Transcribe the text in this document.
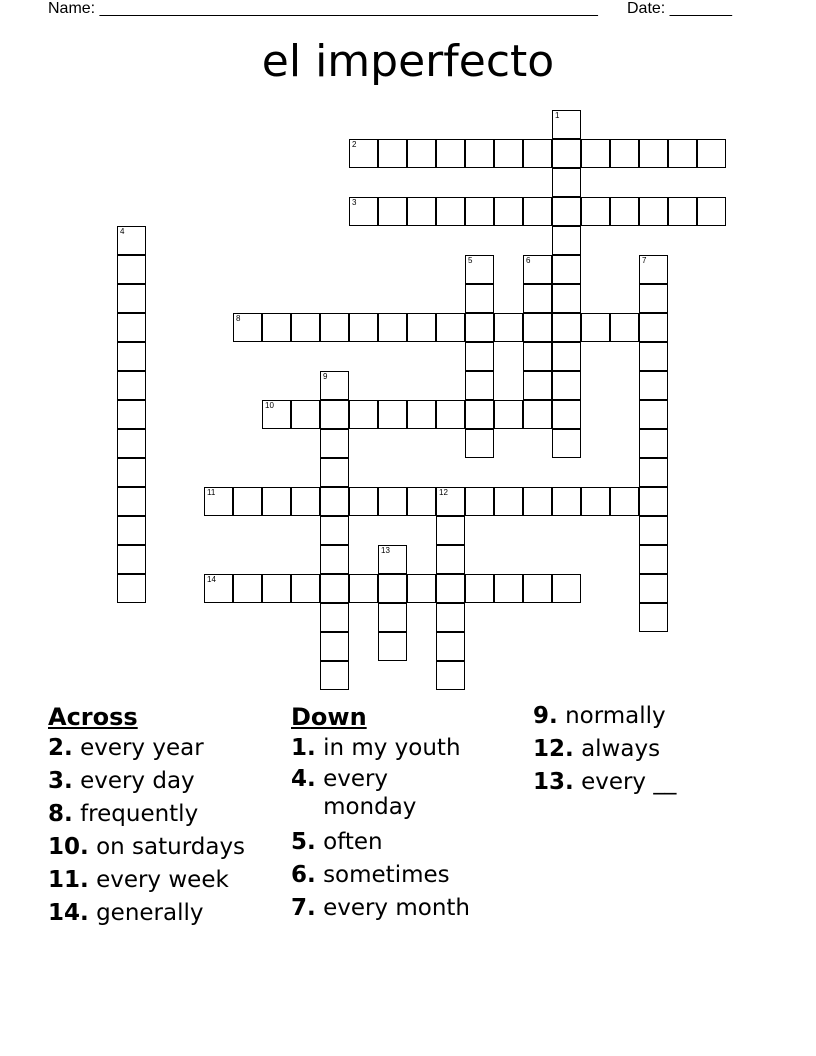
Name: ________________________________________________________ Date: _______
el imperfecto
1
2
3
4
5	6	7
8
9
10
11	12
13
14
Across

2. every year

3. every day

8. frequently

10. on saturdays

11. every week

14. generally

Down

1. in my youth

4. every monday

5. often

6. sometimes

7. every month

9. normally

12. always

13. every __
